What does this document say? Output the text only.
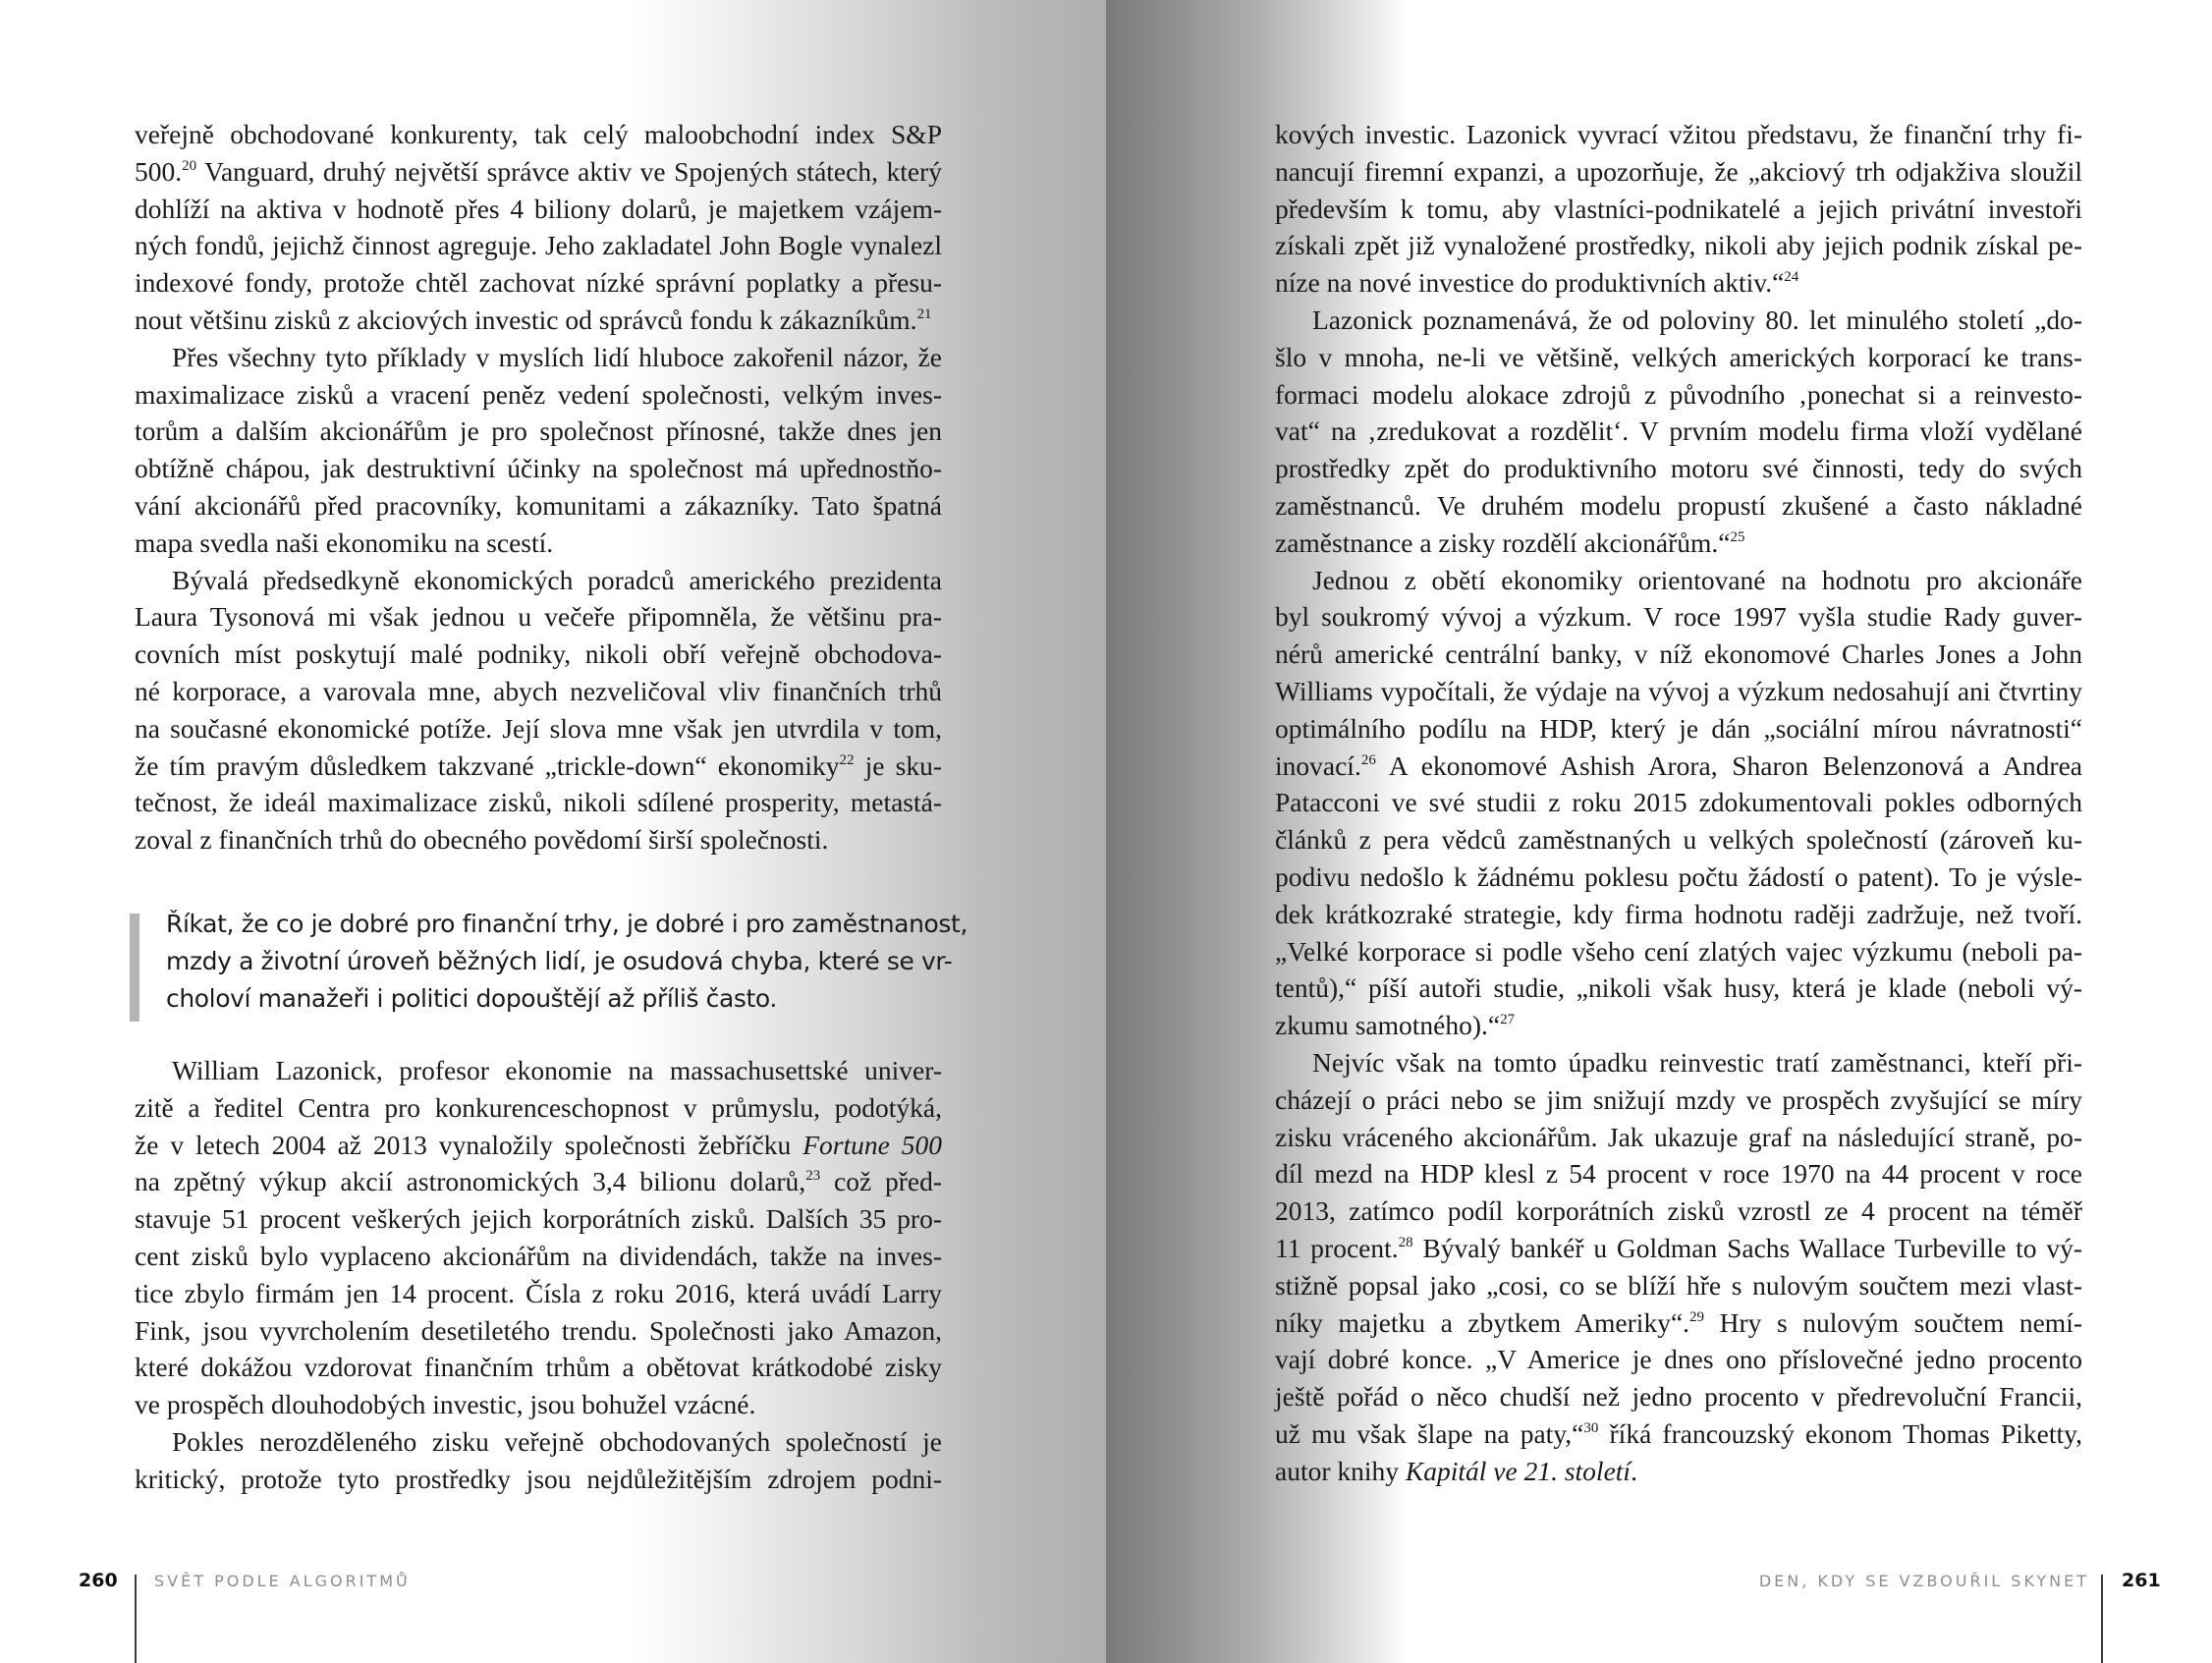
veřejně obchodované konkurenty, tak celý maloobchodní index S&P
500.20 Vanguard, druhý největší správce aktiv ve Spojených státech, který
dohlíží na aktiva v hodnotě přes 4 biliony dolarů, je majetkem vzájem-
ných fondů, jejichž činnost agreguje. Jeho zakladatel John Bogle vynalezl
indexové fondy, protože chtěl zachovat nízké správní poplatky a přesu-
nout většinu zisků z akciových investic od správců fondu k zákazníkům.$^{21}$
Přes všechny tyto příklady v myslích lidí hluboce zakořenil názor, že
maximalizace zisků a vracení peněz vedení společnosti, velkým inves-
torům a dalším akcionářům je pro společnost přínosné, takže dnes jen
obtížně chápou, jak destruktivní účinky na společnost má upřednostňo-
vání akcionářů před pracovníky, komunitami a zákazníky. Tato špatná
mapa svedla naši ekonomiku na scestí.
Bývalá předsedkyně ekonomických poradců amerického prezidenta
Laura Tysonová mi však jednou u večeře připomněla, že většinu pra-
covních míst poskytují malé podniky, nikoli obří veřejně obchodova-
né korporace, a varovala mne, abych nezveličoval vliv finančních trhů
na současné ekonomické potíže. Její slova mne však jen utvrdila v tom,
že tím pravým důsledkem takzvané „trickle-down“ ekonomiky$^{22}$ je sku-
tečnost, že ideál maximalizace zisků, nikoli sdílené prosperity, metastá-
zoval z finančních trhů do obecného povědomí širší společnosti.
Říkat, že co je dobré pro finanční trhy, je dobré i pro zaměstnanost,
mzdy a životní úroveň běžných lidí, je osudová chyba, které se vr-
choloví manažeři i politici dopouštějí až příliš často.
William Lazonick, profesor ekonomie na massachusettské univer-
zitě a ředitel Centra pro konkurenceschopnost v průmyslu, podotýká,
že v letech 2004 až 2013 vynaložily společnosti žebříčku Fortune 500
na zpětný výkup akcií astronomických 3,4 bilionu dolarů,$^{23}$ což před-
stavuje 51 procent veškerých jejich korporátních zisků. Dalších 35 pro-
cent zisků bylo vyplaceno akcionářům na dividendách, takže na inves-
tice zbylo firmám jen 14 procent. Čísla z roku 2016, která uvádí Larry
Fink, jsou vyvrcholením desetiletého trendu. Společnosti jako Amazon,
které dokážou vzdorovat finančním trhům a obětovat krátkodobé zisky
ve prospěch dlouhodobých investic, jsou bohužel vzácné.
Pokles nerozděleného zisku veřejně obchodovaných společností je
kritický, protože tyto prostředky jsou nejdůležitějším zdrojem podni-
260 SVĚT PODLE ALGORITMŮ
kových investic. Lazonick vyvrací vžitou představu, že finanční trhy fi-
nancují firemní expanzi, a upozorňuje, že „akciový trh odjakživa sloužil
především k tomu, aby vlastníci-podnikatelé a jejich privátní investoři
získali zpět již vynaložené prostředky, nikoli aby jejich podnik získal pe-
níze na nové investice do produktivních aktiv.“$^{24}$
Lazonick poznamenává, že od poloviny 80. let minulého století „do-
šlo v mnoha, ne-li ve většině, velkých amerických korporací ke trans-
formaci modelu alokace zdrojů z původního ‚ponechat si a reinvesto-
vat“ na ‚zredukovat a rozdělit‘. V prvním modelu firma vloží vydělané
prostředky zpět do produktivního motoru své činnosti, tedy do svých
zaměstnanců. Ve druhém modelu propustí zkušené a často nákladné
zaměstnance a zisky rozdělí akcionářům.“$^{25}$
Jednou z obětí ekonomiky orientované na hodnotu pro akcionáře
byl soukromý vývoj a výzkum. V roce 1997 vyšla studie Rady guver-
nérů americké centrální banky, v níž ekonomové Charles Jones a John
Williams vypočítali, že výdaje na vývoj a výzkum nedosahují ani čtvrtiny
optimálního podílu na HDP, který je dán „sociální mírou návratnosti“
inovací.$^{26}$ A ekonomové Ashish Arora, Sharon Belenzonová a Andrea
Patacconi ve své studii z roku 2015 zdokumentovali pokles odborných
článků z pera vědců zaměstnaných u velkých společností (zároveň ku-
podivu nedošlo k žádnému poklesu počtu žádostí o patent). To je výsle-
dek krátkozraké strategie, kdy firma hodnotu raději zadržuje, než tvoří.
„Velké korporace si podle všeho cení zlatých vajec výzkumu (neboli pa-
tentů),“ píší autoři studie, „nikoli však husy, která je klade (neboli vý-
zkumu samotného).“$^{27}$
Nejvíc však na tomto úpadku reinvestic tratí zaměstnanci, kteří při-
cházejí o práci nebo se jim snižují mzdy ve prospěch zvyšující se míry
zisku vráceného akcionářům. Jak ukazuje graf na následující straně, po-
díl mezd na HDP klesl z 54 procent v roce 1970 na 44 procent v roce
2013, zatímco podíl korporátních zisků vzrostl ze 4 procent na téměř
11 procent.$^{28}$ Bývalý bankéř u Goldman Sachs Wallace Turbeville to vý-
stižně popsal jako „cosi, co se blíží hře s nulovým součtem mezi vlast-
níky majetku a zbytkem Ameriky“.$^{29}$ Hry s nulovým součtem nemí-
vají dobré konce. „V Americe je dnes ono příslovečné jedno procento
ještě pořád o něco chudší než jedno procento v předrevoluční Francii,
už mu však šlape na paty,“$^{30}$ říká francouzský ekonom Thomas Piketty,
autor knihy Kapitál ve 21. století.
DEN, KDY SE VZBOUŘIL SKYNET 261
